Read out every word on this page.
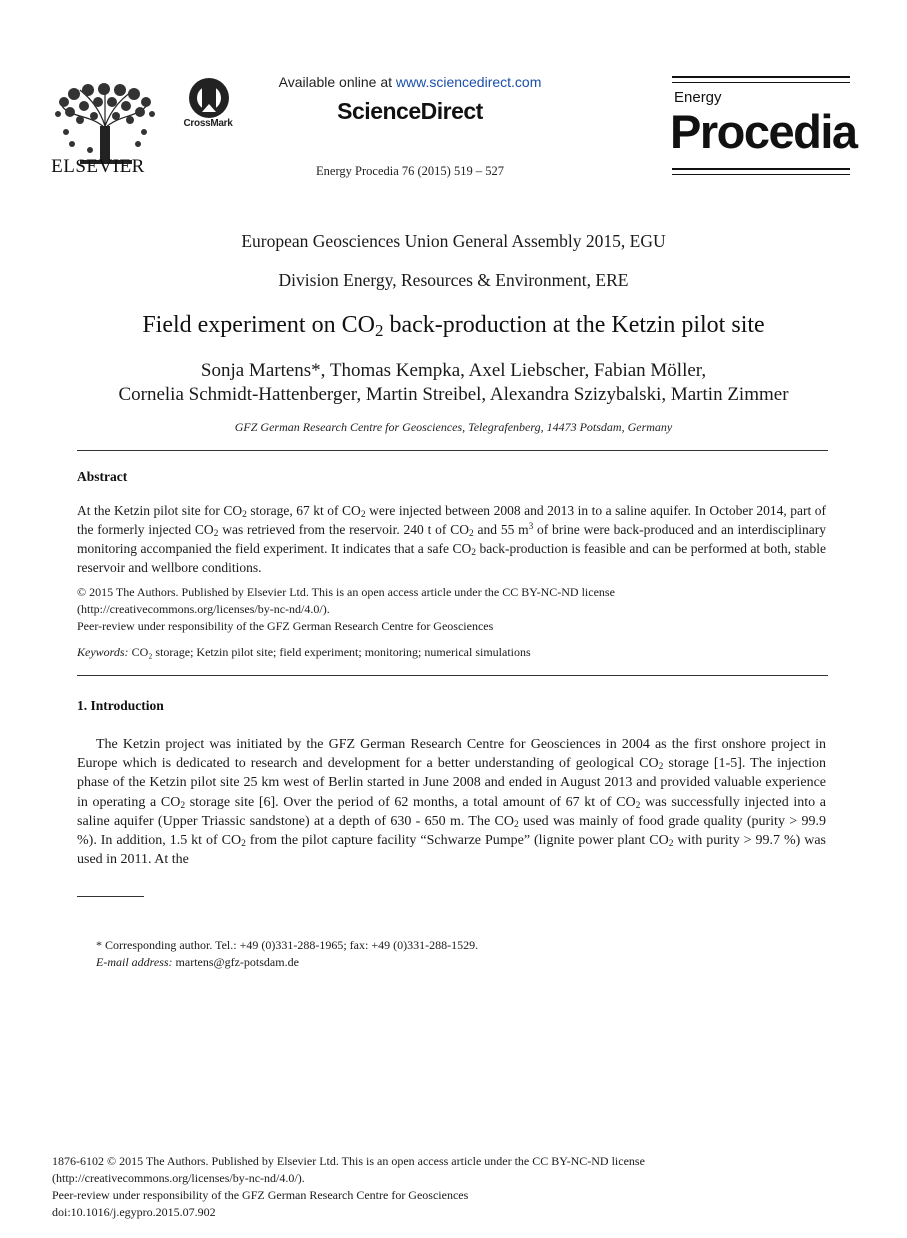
ELSEVIER
CrossMark
Available online at www.sciencedirect.com
ScienceDirect
Energy Procedia 76 (2015) 519 – 527
Energy
Procedia
European Geosciences Union General Assembly 2015, EGU
Division Energy, Resources & Environment, ERE
Field experiment on $CO_2$ back-production at the Ketzin pilot site
Sonja Martens*, Thomas Kempka, Axel Liebscher, Fabian Möller,
Cornelia Schmidt-Hattenberger, Martin Streibel, Alexandra Szizybalski, Martin Zimmer
GFZ German Research Centre for Geosciences, Telegrafenberg, 14473 Potsdam, Germany
Abstract
At the Ketzin pilot site for $CO_2$ storage, 67 kt of $CO_2$ were injected between 2008 and 2013 in to a saline aquifer. In October 2014, part of the formerly injected $CO_2$ was retrieved from the reservoir. 240 t of $CO_2$ and 55 $m^3$ of brine were back-produced and an interdisciplinary monitoring accompanied the field experiment. It indicates that a safe $CO_2$ back-production is feasible and can be performed at both, stable reservoir and wellbore conditions.
© 2015 The Authors. Published by Elsevier Ltd. This is an open access article under the CC BY-NC-ND license
(http://creativecommons.org/licenses/by-nc-nd/4.0/).
Peer-review under responsibility of the GFZ German Research Centre for Geosciences
Keywords: CO₂ storage; Ketzin pilot site; field experiment; monitoring; numerical simulations
1. Introduction
The Ketzin project was initiated by the GFZ German Research Centre for Geosciences in 2004 as the first onshore project in Europe which is dedicated to research and development for a better understanding of geological $CO_2$ storage [1-5]. The injection phase of the Ketzin pilot site 25 km west of Berlin started in June 2008 and ended in August 2013 and provided valuable experience in operating a $CO_2$ storage site [6]. Over the period of 62 months, a total amount of 67 kt of $CO_2$ was successfully injected into a saline aquifer (Upper Triassic sandstone) at a depth of 630 - 650 m. The $CO_2$ used was mainly of food grade quality (purity > 99.9 %). In addition, 1.5 kt of $CO_2$ from the pilot capture facility “Schwarze Pumpe” (lignite power plant $CO_2$ with purity > 99.7 %) was used in 2011. At the
* Corresponding author. Tel.: +49 (0)331-288-1965; fax: +49 (0)331-288-1529.
E-mail address: martens@gfz-potsdam.de
1876-6102 © 2015 The Authors. Published by Elsevier Ltd. This is an open access article under the CC BY-NC-ND license
(http://creativecommons.org/licenses/by-nc-nd/4.0/).
Peer-review under responsibility of the GFZ German Research Centre for Geosciences
doi:10.1016/j.egypro.2015.07.902
